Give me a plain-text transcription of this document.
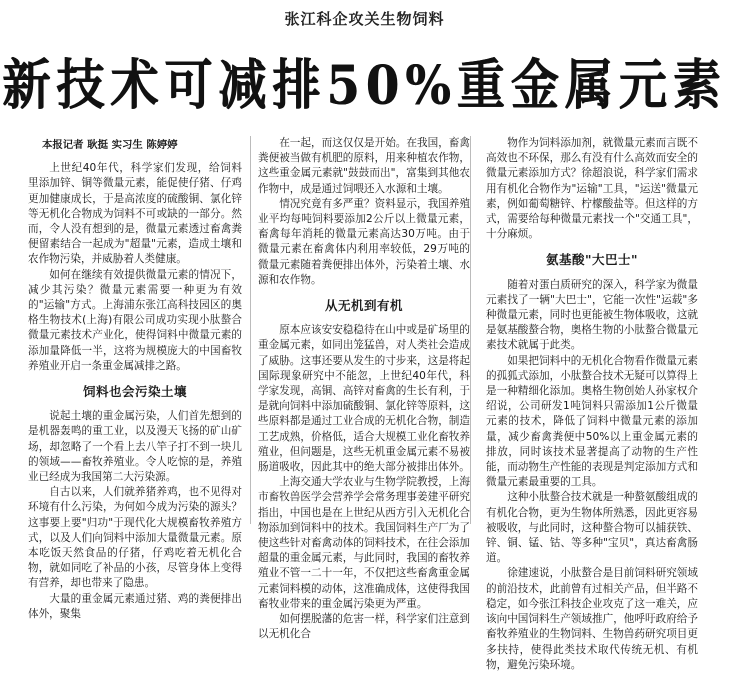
张江科企攻关生物饲料
新技术可减排50%重金属元素
本报记者 耿挺 实习生 陈婷婷

上世纪40年代，科学家们发现，给饲料里添加锌、铜等微量元素，能促使仔猪、仔鸡更加健康成长，于是高浓度的硫酸铜、氯化锌等无机化合物成为饲料不可或缺的一部分。然而，令人没有想到的是，微量元素透过畜禽粪便留素结合一起成为"超量"元素，造成土壤和农作物污染，并威胁着人类健康。

如何在继续有效提供微量元素的情况下，减少其污染？微量元素需要一种更为有效的"运输"方式。上海浦东张江高科技园区的奥格生物技术(上海)有限公司成功实现小肽螯合微量元素技术产业化，使得饲料中微量元素的添加量降低一半，这将为规模庞大的中国畜牧养殖业开启一条重金属减排之路。

饲料也会污染土壤

说起土壤的重金属污染，人们首先想到的是机器轰鸣的重工业，以及漫天飞扬的矿山矿场，却忽略了一个看上去八竿子打不到一块儿的领域——畜牧养殖业。令人吃惊的是，养殖业已经成为我国第二大污染源。

自古以来，人们就养猪养鸡，也不见得对环境有什么污染，为何如今成为污染的源头？这事要上要"归功"于现代化大规模畜牧养殖方式，以及人们向饲料中添加大量微量元素。原本吃饭天然食品的仔猪，仔鸡吃着无机化合物，就如同吃了补品的小孩，尽管身体上变得有营养，却也带来了隐患。

大量的重金属元素通过猪、鸡的粪便排出体外，聚集

在一起，而这仅仅是开始。在我国，畜禽粪便被当做有机肥的原料，用来种植农作物，这些重金属元素就"鼓鼓而出"，富集到其他农作物中，成是通过饲喂还入水源和土壤。

情况究竟有多严重？资料显示，我国养殖业平均每吨饲料要添加2公斤以上微量元素，畜禽每年消耗的微量元素高达30万吨。由于微量元素在畜禽体内利用率较低，29万吨的微量元素随着粪便排出体外，污染着土壤、水源和农作物。

从无机到有机

原本应该安安稳稳待在山中或是矿场里的重金属元素，如同出笼猛兽，对人类社会造成了威胁。这事还要从发生的寸步来，这是将起国际现象研究中不能忽，上世纪40年代，科学家发现，高铜、高锌对畜禽的生长有利，于是就向饲料中添加硫酸铜、氯化锌等原料，这些原料都是通过工业合成的无机化合物，制造工艺成熟，价格低，适合大规模工业化畜牧养殖业，但问题是，这些无机重金属元素不易被肠道吸收，因此其中的绝大部分被排出体外。

上海交通大学农业与生物学院教授，上海市畜牧兽医学会营养学会常务理事姜建平研究指出，中国也是在上世纪从西方引入无机化合物添加到饲料中的技术。我国饲料生产厂为了使这些针对畜禽动体的饲料技术，在往会添加超量的重金属元素，与此同时，我国的畜牧养殖业不管一二十一年，不仅把这些畜禽重金属元素饲料模的动体，这准确成体，这使得我国畜牧业带来的重金属污染更为严重。

如何摆脱藩的危害一样，科学家们注意到以无机化合

物作为饲料添加剂，就微量元素而言既不高效也不环保，那么有没有什么高效而安全的微量元素添加方式？徐超浪说，科学家们需求用有机化合物作为"运输"工具，"运送"微量元素，例如葡萄糖锌、柠檬酸盐等。但这样的方式，需要给每种微量元素找一个"交通工具"，十分麻烦。

氨基酸"大巴士"

随着对蛋白质研究的深入，科学家为微量元素找了一辆"大巴士"，它能一次性"运载"多种微量元素，同时也更能被生物体吸收，这就是氨基酸螯合物，奥格生物的小肽螯合微量元素技术就属于此类。

如果把饲料中的无机化合物看作微量元素的孤狐式添加，小肽螯合技术无疑可以算得上是一种精细化添加。奥格生物创始人孙家权介绍说，公司研发1吨饲料只需添加1公斤微量元素的技术，降低了饲料中微量元素的添加量，减少畜禽粪便中50%以上重金属元素的排放，同时该技术显著提高了动物的生产性能，而动物生产性能的表现是判定添加方式和微量元素最重要的工具。

这种小肽螯合技术就是一种螯氨酸组成的有机化合物，更为生物体所熟悉，因此更容易被吸收，与此同时，这种螯合物可以捕获铁、锌、铜、锰、钴、等多种"宝贝"，真达畜禽肠道。

徐建速说，小肽螯合是目前饲料研究领域的前沿技术，此前曾有过相关产品，但半路不稳定，如今张江科技企业攻克了这一难关，应该向中国饲料生产领域推广，他呼吁政府给予畜牧养殖业的生物饲料、生物兽药研究项目更多扶持，使得此类技术取代传统无机、有机物，避免污染环境。
